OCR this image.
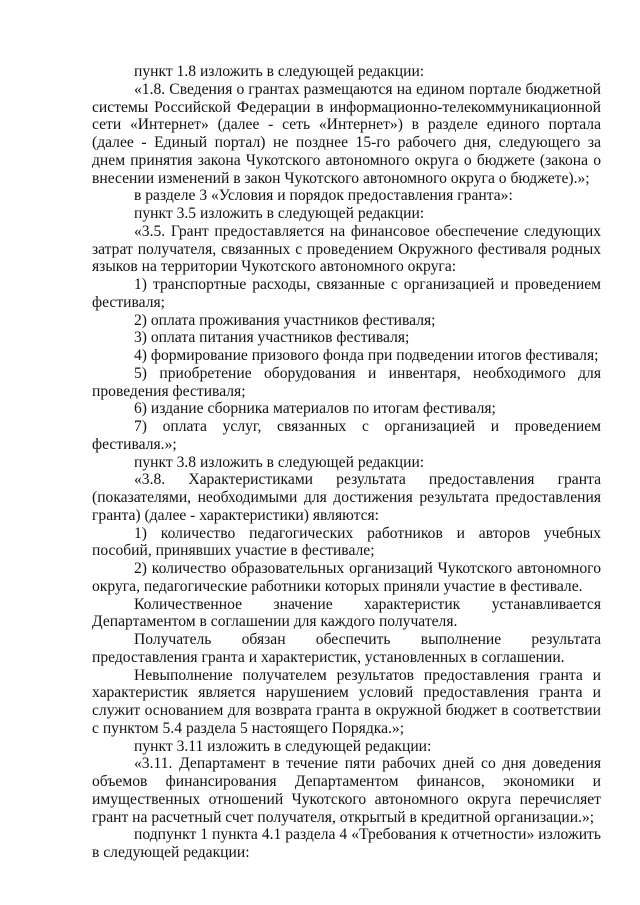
пункт 1.8 изложить в следующей редакции:

«1.8. Сведения о грантах размещаются на едином портале бюджетной системы Российской Федерации в информационно-телекоммуникационной сети «Интернет» (далее - сеть «Интернет») в разделе единого портала (далее - Единый портал) не позднее 15-го рабочего дня, следующего за днем принятия закона Чукотского автономного округа о бюджете (закона о внесении изменений в закон Чукотского автономного округа о бюджете).»;

в разделе 3 «Условия и порядок предоставления гранта»:

пункт 3.5 изложить в следующей редакции:

«3.5. Грант предоставляется на финансовое обеспечение следующих затрат получателя, связанных с проведением Окружного фестиваля родных языков на территории Чукотского автономного округа:

1) транспортные расходы, связанные с организацией и проведением фестиваля;

2) оплата проживания участников фестиваля;

3) оплата питания участников фестиваля;

4) формирование призового фонда при подведении итогов фестиваля;

5) приобретение оборудования и инвентаря, необходимого для проведения фестиваля;

6) издание сборника материалов по итогам фестиваля;

7) оплата услуг, связанных с организацией и проведением фестиваля.»;

пункт 3.8 изложить в следующей редакции:

«3.8. Характеристиками результата предоставления гранта (показателями, необходимыми для достижения результата предоставления гранта) (далее - характеристики) являются:

1) количество педагогических работников и авторов учебных пособий, принявших участие в фестивале;

2) количество образовательных организаций Чукотского автономного округа, педагогические работники которых приняли участие в фестивале.

Количественное значение характеристик устанавливается Департаментом в соглашении для каждого получателя.

Получатель обязан обеспечить выполнение результата предоставления гранта и характеристик, установленных в соглашении.

Невыполнение получателем результатов предоставления гранта и характеристик является нарушением условий предоставления гранта и служит основанием для возврата гранта в окружной бюджет в соответствии с пунктом 5.4 раздела 5 настоящего Порядка.»;

пункт 3.11 изложить в следующей редакции:

«3.11. Департамент в течение пяти рабочих дней со дня доведения объемов финансирования Департаментом финансов, экономики и имущественных отношений Чукотского автономного округа перечисляет грант на расчетный счет получателя, открытый в кредитной организации.»;

подпункт 1 пункта 4.1 раздела 4 «Требования к отчетности» изложить в следующей редакции:
